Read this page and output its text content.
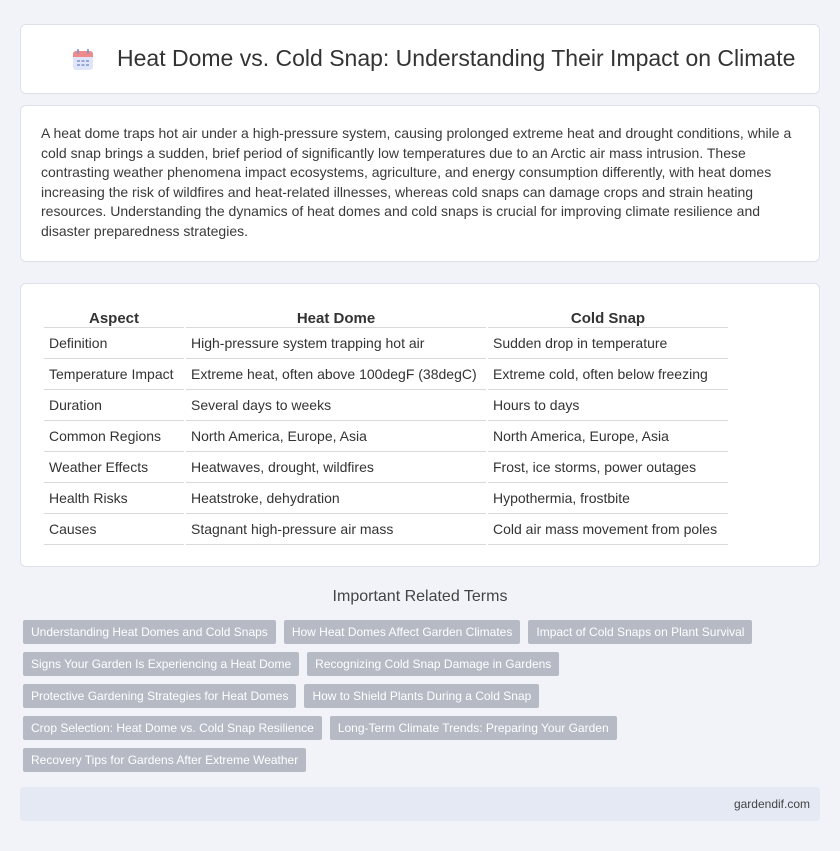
Heat Dome vs. Cold Snap: Understanding Their Impact on Climate

A heat dome traps hot air under a high-pressure system, causing prolonged extreme heat and drought conditions, while a cold snap brings a sudden, brief period of significantly low temperatures due to an Arctic air mass intrusion. These contrasting weather phenomena impact ecosystems, agriculture, and energy consumption differently, with heat domes increasing the risk of wildfires and heat-related illnesses, whereas cold snaps can damage crops and strain heating resources. Understanding the dynamics of heat domes and cold snaps is crucial for improving climate resilience and disaster preparedness strategies.

Aspect	Heat Dome	Cold Snap
Definition	High-pressure system trapping hot air	Sudden drop in temperature
Temperature Impact	Extreme heat, often above 100degF (38degC)	Extreme cold, often below freezing
Duration	Several days to weeks	Hours to days
Common Regions	North America, Europe, Asia	North America, Europe, Asia
Weather Effects	Heatwaves, drought, wildfires	Frost, ice storms, power outages
Health Risks	Heatstroke, dehydration	Hypothermia, frostbite
Causes	Stagnant high-pressure air mass	Cold air mass movement from poles
Important Related Terms
Understanding Heat Domes and Cold Snaps	How Heat Domes Affect Garden Climates	Impact of Cold Snaps on Plant Survival
Signs Your Garden Is Experiencing a Heat Dome	Recognizing Cold Snap Damage in Gardens
Protective Gardening Strategies for Heat Domes	How to Shield Plants During a Cold Snap
Crop Selection: Heat Dome vs. Cold Snap Resilience	Long-Term Climate Trends: Preparing Your Garden
Recovery Tips for Gardens After Extreme Weather
gardendif.com
